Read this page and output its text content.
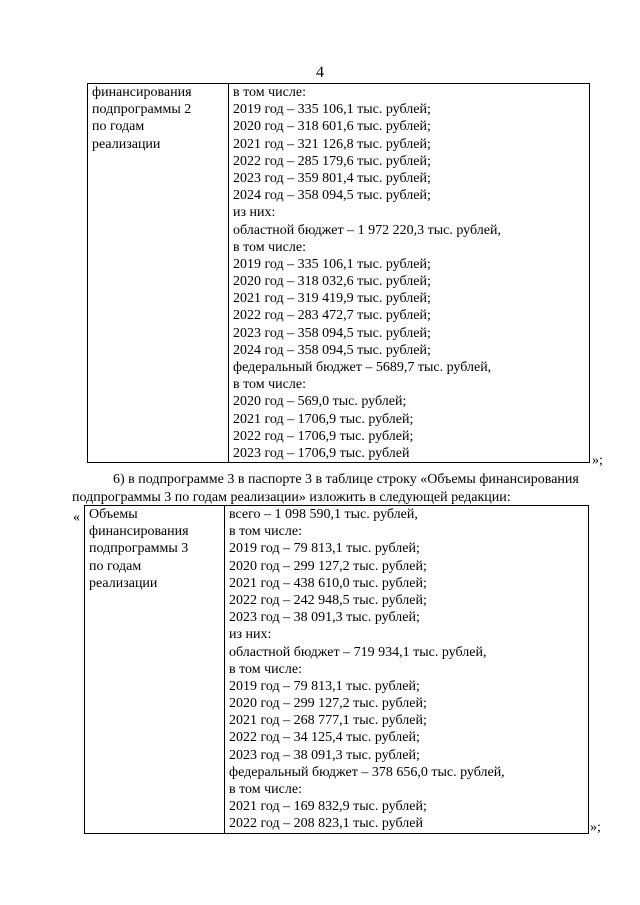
4
финансирования
подпрограммы 2
по годам
реализации

в том числе:
2019 год – 335 106,1 тыс. рублей;
2020 год – 318 601,6 тыс. рублей;
2021 год – 321 126,8 тыс. рублей;
2022 год – 285 179,6 тыс. рублей;
2023 год – 359 801,4 тыс. рублей;
2024 год – 358 094,5 тыс. рублей;
из них:
областной бюджет – 1 972 220,3 тыс. рублей,
в том числе:
2019 год – 335 106,1 тыс. рублей;
2020 год – 318 032,6 тыс. рублей;
2021 год – 319 419,9 тыс. рублей;
2022 год – 283 472,7 тыс. рублей;
2023 год – 358 094,5 тыс. рублей;
2024 год – 358 094,5 тыс. рублей;
федеральный бюджет – 5689,7 тыс. рублей,
в том числе:
2020 год – 569,0 тыс. рублей;
2021 год – 1706,9 тыс. рублей;
2022 год – 1706,9 тыс. рублей;
2023 год – 1706,9 тыс. рублей	»;
6) в подпрограмме 3 в паспорте 3 в таблице строку «Объемы финансирования
подпрограммы 3 по годам реализации» изложить в следующей редакции:
« Объемы
финансирования
подпрограммы 3
по годам
реализации

всего – 1 098 590,1 тыс. рублей,
в том числе:
2019 год – 79 813,1 тыс. рублей;
2020 год – 299 127,2 тыс. рублей;
2021 год – 438 610,0 тыс. рублей;
2022 год – 242 948,5 тыс. рублей;
2023 год – 38 091,3 тыс. рублей;
из них:
областной бюджет – 719 934,1 тыс. рублей,
в том числе:
2019 год – 79 813,1 тыс. рублей;
2020 год – 299 127,2 тыс. рублей;
2021 год – 268 777,1 тыс. рублей;
2022 год – 34 125,4 тыс. рублей;
2023 год – 38 091,3 тыс. рублей;
федеральный бюджет – 378 656,0 тыс. рублей,
в том числе:
2021 год – 169 832,9 тыс. рублей;
2022 год – 208 823,1 тыс. рублей	»;
